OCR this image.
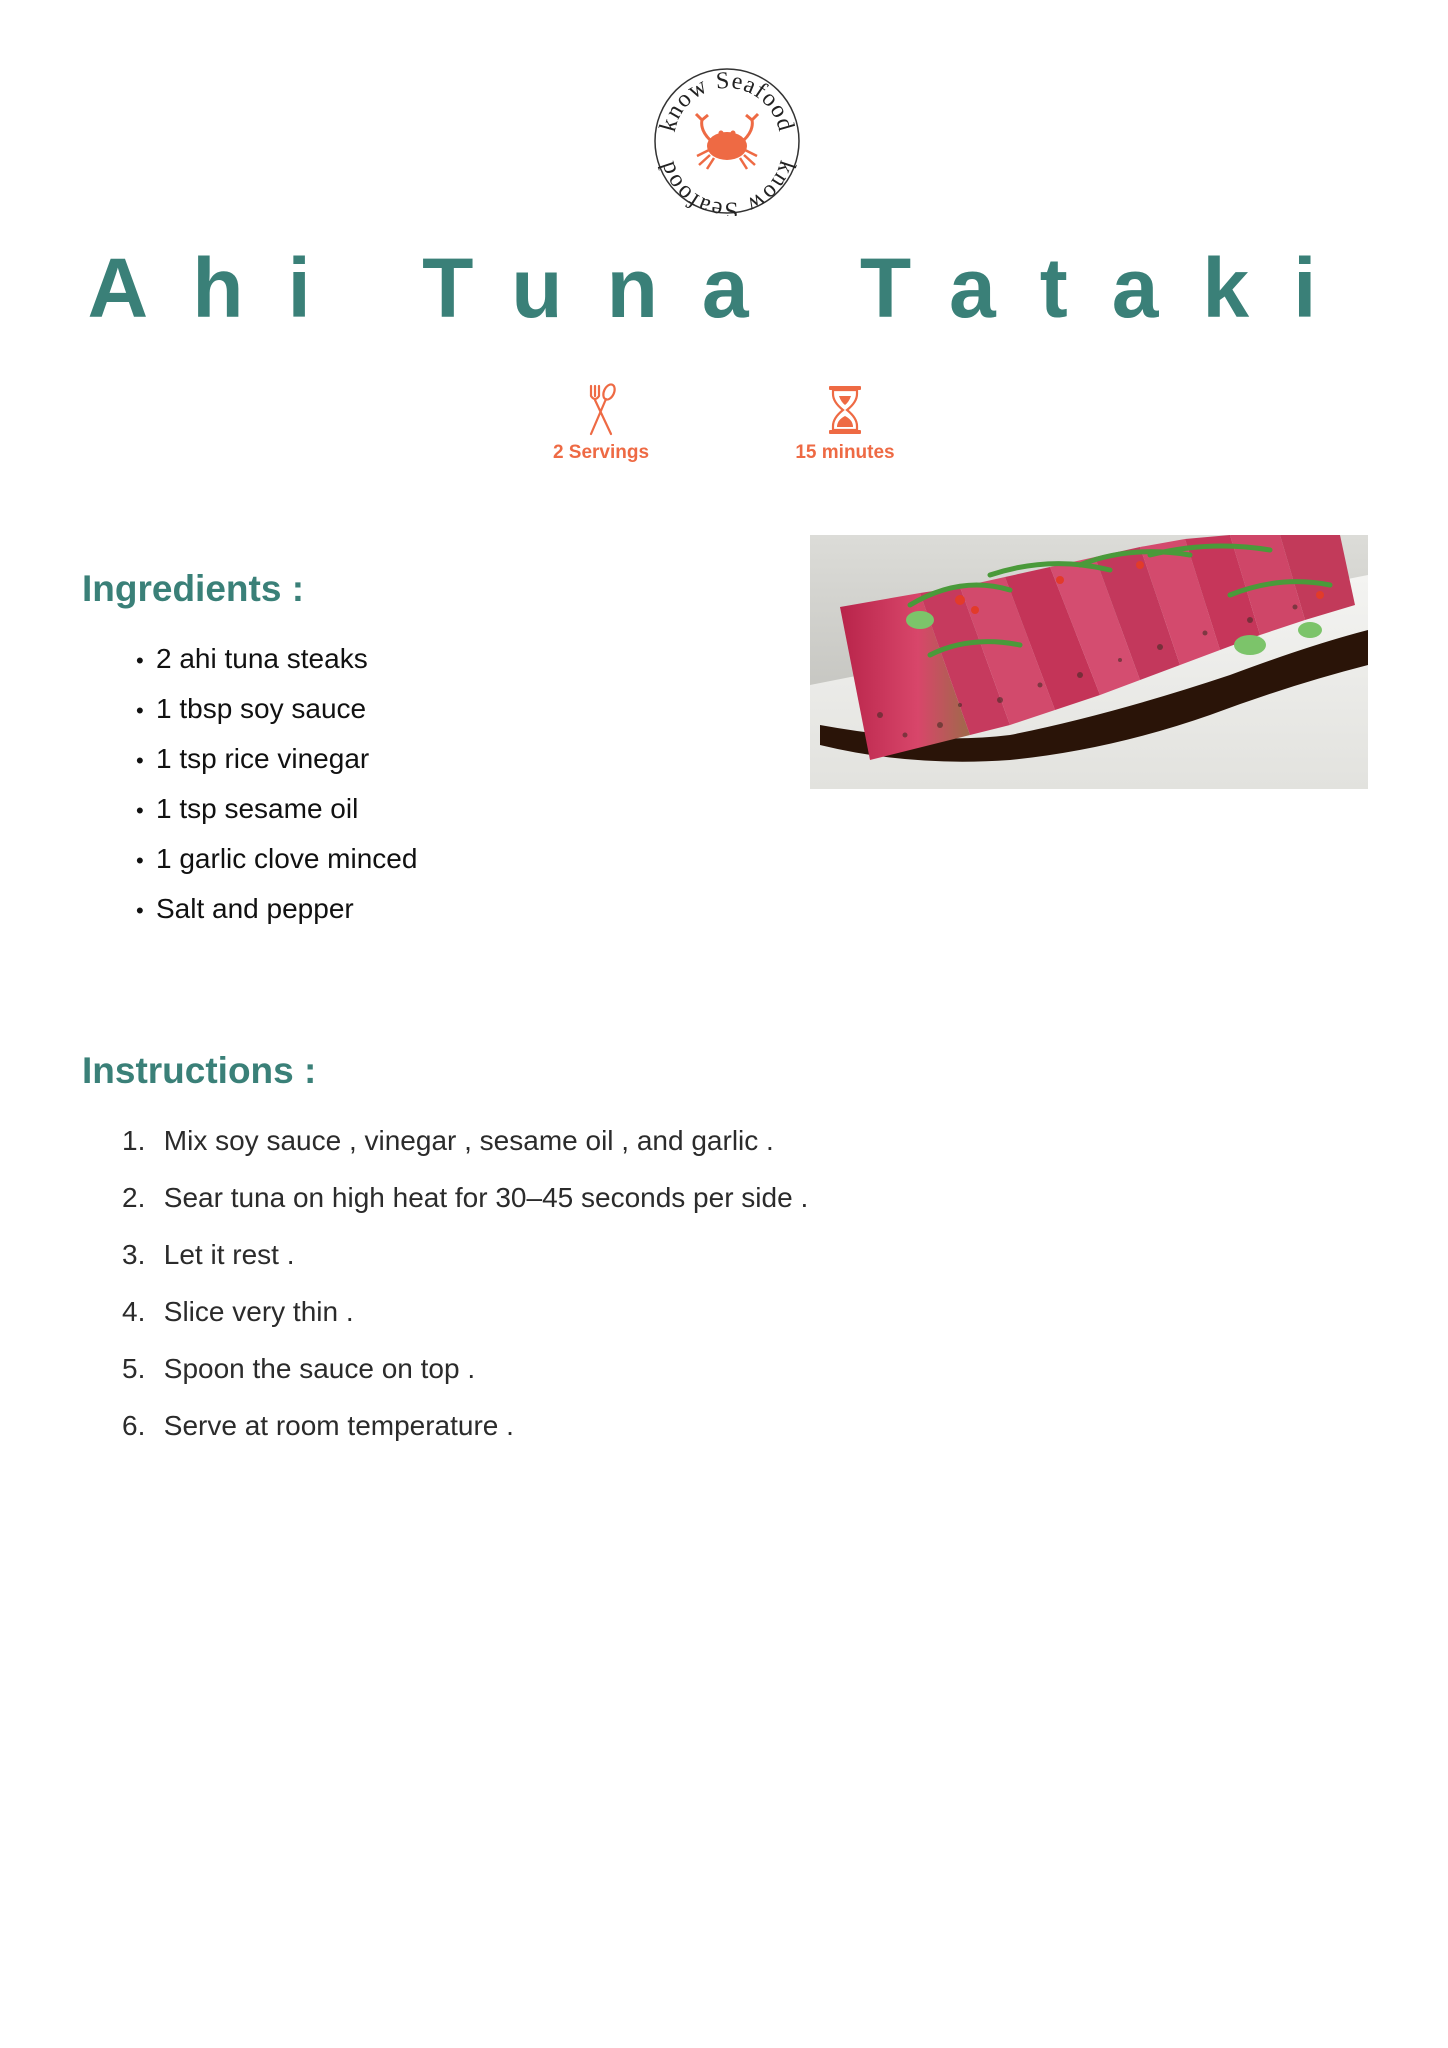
know Seafood
know Seafood
Ahi Tuna Tataki
2 Servings	15 minutes
Ingredients :
• 2 ahi tuna steaks
• 1 tbsp soy sauce
• 1 tsp rice vinegar
• 1 tsp sesame oil
• 1 garlic clove minced
• Salt and pepper
Instructions :
1. Mix soy sauce , vinegar , sesame oil , and garlic .
2. Sear tuna on high heat for 30–45 seconds per side .
3. Let it rest .
4. Slice very thin .
5. Spoon the sauce on top .
6. Serve at room temperature .
